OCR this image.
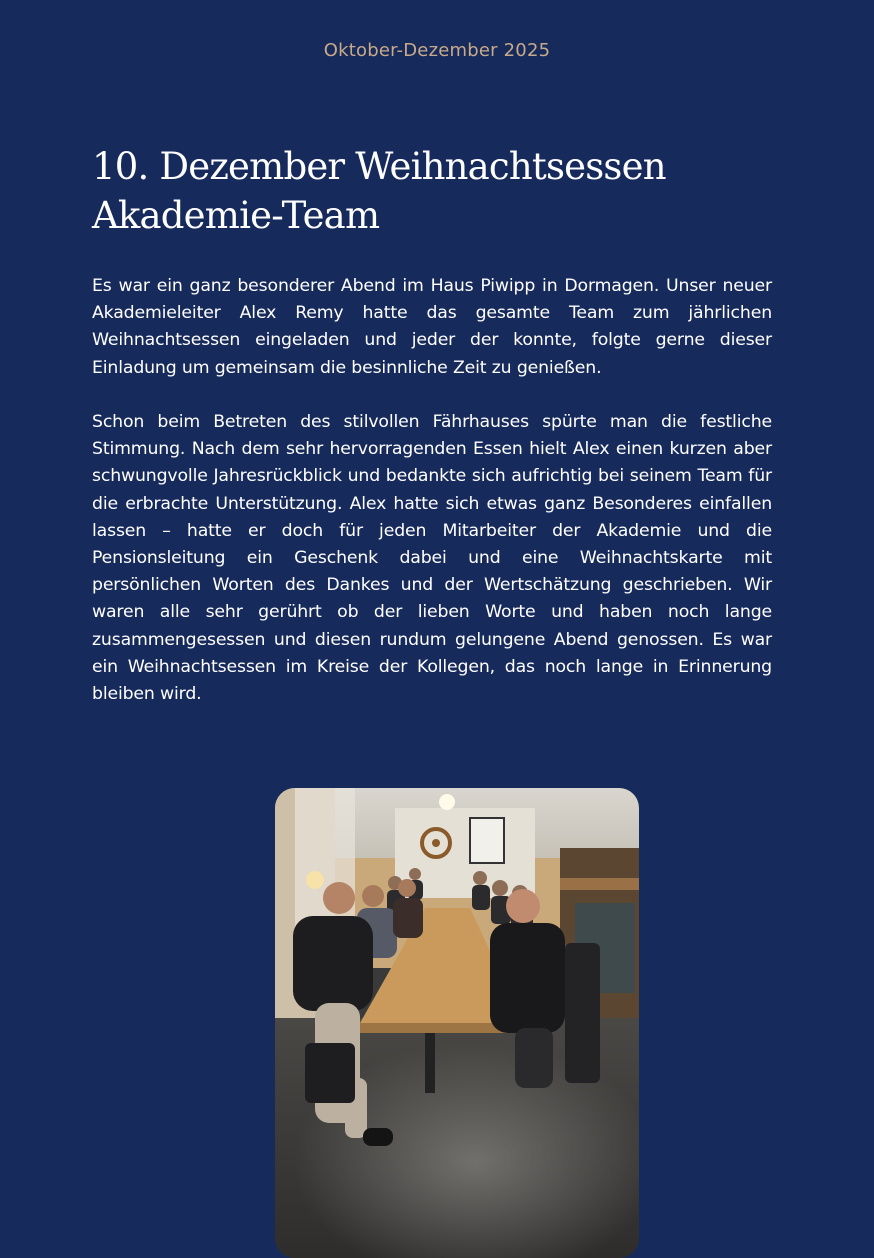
Oktober-Dezember 2025
10. Dezember Weihnachtsessen
Akademie-Team

Es war ein ganz besonderer Abend im Haus Piwipp in Dormagen. Unser neuer Akademieleiter Alex Remy hatte das gesamte Team zum jährlichen Weihnachtsessen eingeladen und jeder der konnte, folgte gerne dieser Einladung um gemeinsam die besinnliche Zeit zu genießen.

Schon beim Betreten des stilvollen Fährhauses spürte man die festliche Stimmung. Nach dem sehr hervorragenden Essen hielt Alex einen kurzen aber schwungvolle Jahresrückblick und bedankte sich aufrichtig bei seinem Team für die erbrachte Unterstützung. Alex hatte sich etwas ganz Besonderes einfallen lassen – hatte er doch für jeden Mitarbeiter der Akademie und die Pensionsleitung ein Geschenk dabei und eine Weihnachtskarte mit persönlichen Worten des Dankes und der Wertschätzung geschrieben. Wir waren alle sehr gerührt ob der lieben Worte und haben noch lange zusammengesessen und diesen rundum gelungene Abend genossen. Es war ein Weihnachtsessen im Kreise der Kollegen, das noch lange in Erinnerung bleiben wird.
